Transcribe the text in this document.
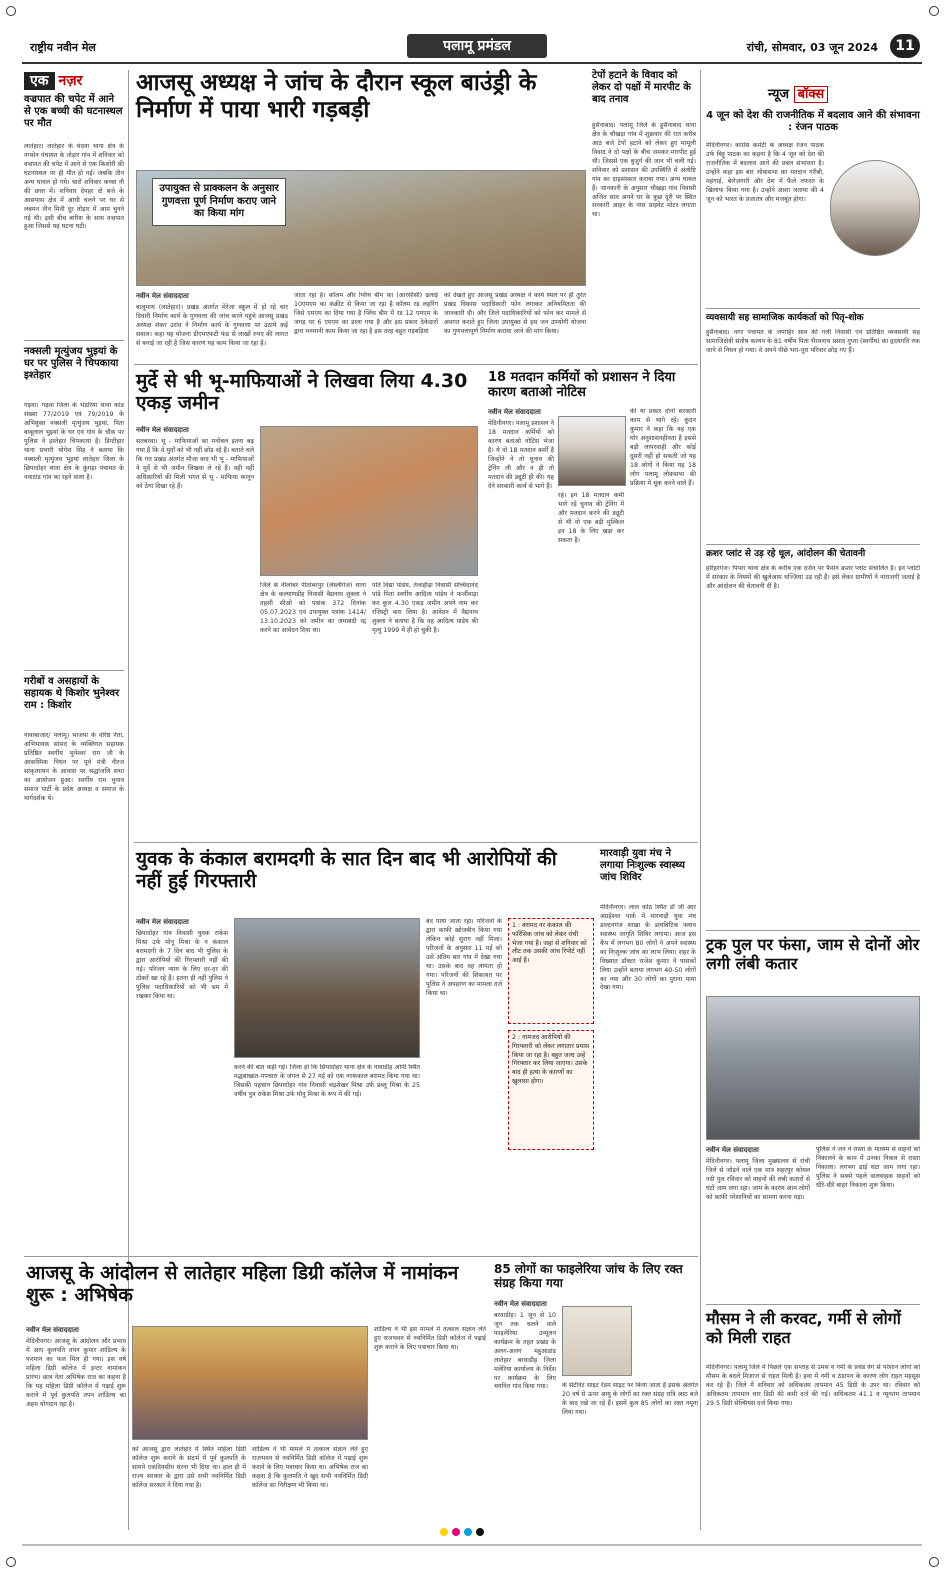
राष्ट्रीय नवीन मेल	पलामू प्रमंडल	रांची, सोमवार, 03 जून 2024	11
एक नज़र
वज्रपात की चपेट में आने से एक बच्ची की घटनास्थल पर मौत
लातेहार। लातेहार के चंदवा थाना क्षेत्र के नगसेन पंचायत के तोड़ार गांव में शनिवार को वज्रपात की चपेट में आने से एक किशोरी की घटनास्थल पर ही मौत हो गई। जबकि तीन अन्य घायल हो गये। चारों शनिवार कच्चा नौ की छत्ता में। शनिवार देपहर दो बजे के आसपास क्षेत्र में आंधी चलने पर घर से लबमन तीन मिनी दूर तोड़ार में आम चुनने गई थी। इसी बीच बारिश के साथ वज्रपात हुआ जिससे यह घटना घटी।
नक्सली मृत्युंजय भुइयां के घर पर पुलिस ने चिपकाया इश्तेहार
गढ़वा। गढ़वा जिला के भंडरिया थाना कांड संख्या 77/2019 एवं 79/2019 के अभियुक्त नक्सली मृत्युंजय भुइयां, पिता बाबूलाल भुइयां के घर एवं गांव के चौक पर पुलिस ने इश्तेहार चिपकाया है। डिप्टीहार थाना प्रभारी योगेश सिंह ने बताया कि नक्सली मृत्युंजय भुइयां लातेहार जिला के छिपादोहर थाना क्षेत्र के कुंगड़ा पंचायत के नवाटांड गांव का रहने वाला है।
गरीबों व असहायों के सहायक थे किशोर भुनेश्वर राम : किशोर
नावाबाजार/ पलामू। भाजपा के वरिष्ठ नेता, अभिभावक सांसद के व्यक्तिगत सहायक प्रतिष्ठित स्वर्गीय भुनेश्वर राम जी के आकस्मिक निधन पर पूर्व मंत्री नीरज सांकृत्यायन के आवास पर श्रद्धांजलि सभा का आयोजन हुआ। स्वर्गीय राम चुनाव समाज पार्टी के प्रदेश अध्यक्ष व समाज के मार्गदर्शक थे।
आजसू अध्यक्ष ने जांच के दौरान स्कूल बाउंड्री के निर्माण में पाया भारी गड़बड़ी
उपायुक्त से प्राक्कलन के अनुसार गुणवत्ता पूर्ण निर्माण कराए जाने का किया मांग
नवीन मेल संवाददाता
बालूमाथ (लातेहार)। प्रखंड अंतर्गत मेरेजा स्कूल में हो रहे चार दिवारी निर्माण कार्य के गुणवत्ता की जांच करने पहुंचे आजसू प्रखंड अध्यक्ष शंकर उरांव ने निर्माण कार्य के गुणवत्ता पर उठाये कई सवाल। कहा यह योजना डीएमएफटी फंड से लाखों रुपए की लागत से बनाई जा रही है जिस कारण यह काम किया जा रहा है।
जाता रहा है। कॉलम और प्लिंथ बीम का (आरसीसी) ढलाई 10एमएम का कंक्रीट से किया जा रहा है कॉलम रड लहरिंग जिसे एमएम का दिया गया है प्लिंथ बीम में रड 12 एमएम के जगह पर 6 एमएम का डाला गया है और इस प्रकार ठेकेदारों द्वारा मनमानी काम किया जा रहा है इस तरह बहुत गड़बड़ियां
को देखते हुए आजसू प्रखंड अध्यक्ष ने कार्य स्थल पर ही तुरंत प्रखंड विकास पदाधिकारी फोन लगाकर अनियमितता की जानकारी दी। और जिले पदाधिकारियों को फोन कर मामले से अवगत कराते हुए जिला उपायुक्त से इस जन उपयोगी योजना का गुणवत्तापूर्ण निर्माण कराया जाने की मांग किया।
टेपों हटाने के विवाद को लेकर दो पक्षों में मारपीट के बाद तनाव
हुसैनाबाद। पलामू जिले के हुसैनाबाद थाना क्षेत्र के चौखड़ा गांव में शुक्रवार की रात करीब आठ बजे टेपों हटाने को लेकर हुए मामूली विवाद ने दो पक्षों के बीच जमकर मारपीट हुई थी। जिससे एक बुजुर्ग की जान भी चली गई। शनिवार को प्रशासन की उपस्थिति में अंत्येष्टि गांव का दाहसंस्कार कराया गया। अन्य घायल हैं। जानकारी के अनुसार चौखड़ा गांव निवासी अजित साव अपने घर के कुछ दूरी पर स्थित सरकारी आहर के पास प्राइवेट मोटर लगाता था।
मुर्दे से भी भू-माफियाओं ने लिखवा लिया 4.30 एकड़ जमीन
नवीन मेल संवाददाता
सतबरवा। भू - माफियाओं का मनोबल इतना बढ़ गया है कि वे मुर्दों को भी नहीं छोड़ रहे हैं। बताते चले कि गत प्रखंड अंतर्गत मौजा बाद भी भू - माफियाओं ने मुर्दे से भी जमीन लिखवा ले रहे हैं। वही नहीं अधिकारियों की मिली भगत से भू - माफिया कानून को ठेंगा दिखा रहे हैं।
जिले के नीलांबर पीतांबरपुर (लेस्लीगंज) थाना क्षेत्र के कल्याणडीह निवासी वैद्यनाथ शुक्ला ने तहसी सीओ को पत्रांक 372 दिनांक 05.07.2023 एवं उपायुक्त पत्रांक 1414/ 13.10.2023 को जमीन का जमाबंदी रद्द करने का आवेदन दिया था।
पति विद्या पांडेय, तेलाहीड़ा निवासी सच्चिदानंद पांडे पिता स्वर्गीय आदित्य पांडेय ने फर्जीवाड़ा कर कुल 4.30 एकड़ जमीन अपने नाम कर रजिस्ट्री करा लिया है। आवेदन में वैद्यनाथ शुक्ला ने बताया है कि वह आदित्य पांडेय की मृत्यु 1999 में ही हो चुकी है।
18 मतदान कर्मियों को प्रशासन ने दिया कारण बताओ नोटिस
नवीन मेल संवाददाता
मेदिनीनगर। पलामू प्रशासन ने 18 मतदान कर्मियों को कारण बताओ नोटिस भेजा है। ये वो 18 मतदान कर्मी हैं जिन्होंने ने तो चुनाव की ट्रेनिंग ली और न ही तो मतदान की ड्यूटी ही की। यह देने सरकारी कार्य से भागे हैं।
रहे। इन 18 मतदान कर्मी भागे रहे चुनाव की ट्रेनिंग में और मतदान करने की ड्यूटी से भी वो एक बड़ी मुश्किल इन 18 के लिए खड़ा कर सकता है।
की या प्रकार दोनों सरकारी काम से भागे रहे। कुंदन कुमार ने कहा कि यह एक घोर अनुशासनहीनता है इससे बड़ी लापरवाही और कोई दूसरी नहीं हो सकती जो यह 18 लोगों ने किया यह 18 लोग पलामू लोकसभा की प्रक्रिया में चूक करने वाले हैं।
युवक के कंकाल बरामदगी के सात दिन बाद भी आरोपियों की नहीं हुई गिरफ्तारी
नवीन मेल संवाददाता
छिपादोहर गांव निवासी युवक राकेश मिश्रा उर्फ मोनू मिश्रा के न कंकाल बरामदगी के 7 दिन बाद भी पुलिस के द्वारा आरोपियों की गिरफ्तारी नहीं की गई। परिजन न्याय के लिए दर-दर की ठोकरें खा रहे हैं। इतना ही नहीं पुलिस ने पुलिस पदाधिकारियों को भी भ्रम में रखकर किया था।
करने की बात कही गई। जिला हो कि छिपादोहर थाना क्षेत्र के नावाडीह ओपी स्थित मद्धबाखात-पपचारा के जंगल से 27 मई को एक नरकंकाल बरामद किया गया था। जिसकी पहचान छिपादोहर गांव निवासी चंद्रशेखर मिश्रा उर्फ डब्लू मिश्रा के 25 वर्षीय पुत्र राकेश मिश्रा उर्फ मोनू मिश्रा के रूप में की गई।
बंद पाया जाता रहा। परिजनों के द्वारा काफी खोजबीन किया गया लेकिन कोई सुराग नहीं मिला। परिजनों के अनुसार 11 मई को उसे अंतिम बार गांव में देखा गया था। उसके बाद वह लापता हो गया। परिजनों की शिकायत पर पुलिस ने अपहरण का मामला दर्ज किया था।
1 : बरामद नर कंकाल की फॉरेंसिक जांच को लेकर रांची भेजा गया है। जहां से शनिवार को लौट तक उसकी जांच रिपोर्ट नहीं आई है।
2 : नामजद आरोपियों की गिरफ्तारी को लेकर लगातार प्रयास किया जा रहा है। बहुत जल्द उन्हें गिरफ्तार कर लिया जाएगा। उसके बाद ही हत्या के कारणों का खुलासा होगा।
मारवाड़ी युवा मंच ने लगाया निःशुल्क स्वास्थ्य जांच शिविर
मेदिनीनगर। लाल कोठ स्थित डॉ जी आर अग्रहेश्वर पार्क में मारवाड़ी युवा मंच डाल्टनगंज शाखा के डायबिटिक फ्लाव स्वास्थ्य जागृति शिविर लगाया। आज इस कैंप में लगभग 80 लोगों ने अपने स्वास्थ्य का निःशुल्क जांच का लाभ लिया। शहर के विख्यात डॉक्टर राजेश कुमार ने पासकों लिया उन्होंने बताया लगभग 40-50 लोगों का नया और 30 लोगों का पुराना पाया देखा गया।
आजसू के आंदोलन से लातेहार महिला डिग्री कॉलेज में नामांकन शुरू : अभिषेक
नवीन मेल संवाददाता
मेदिनीनगर। आजसू के आंदोलन और प्रभाव में आए कुलपति तपन कुमार शांडिल्य के फरमान का फल मिल ही गया। इस वर्ष महिला डिग्री कॉलेज में इन्टर नामांकन प्रारंभ। छात्र नेता अभिषेक राज का कहना है कि यह महिला डिग्री कॉलेज में पढ़ाई शुरू कराने में पूर्व कुलपति तपन शांडिल्य का अहम योगदान रहा है।
को आजसू द्वारा लातेहार में स्थित महिला डिग्री कॉलेज शुरू कराने के संदर्भ में पूर्व कुलपति के सामने एकदिवसीय धरना भी दिया था। हाल ही में राज्य सरकार के द्वारा उसे सभी नवनिर्मित डिग्री कॉलेज सरकार ने दिया गया है।
शांडिल्य ने भी मामले में तत्काल संज्ञान लेते हुए राजभवन से नवनिर्मित डिग्री कॉलेज में पढ़ाई शुरू कराने के लिए पत्राचार किया था। अभिषेक राज का कहना है कि कुलपति ने खुद सभी नवनिर्मित डिग्री कॉलेज का निरीक्षण भी किया था।
शांडिल्य ने भी इस मामले में तत्काल संज्ञान लेते हुए राजभवन से नवनिर्मित डिग्री कॉलेज में पढ़ाई शुरू कराने के लिए पत्राचार किया था।
85 लोगों का फाइलेरिया जांच के लिए रक्त संग्रह किया गया
नवीन मेल संवाददाता
बरवाडीह। 1 जून से 10 जून तक चलने वाले फाइलेरिया उन्मूलन कार्यक्रम के तहत प्रखंड के अलग-अलग महुआडांड़ लातेहार बरवाडीह जिला मलेरिया कार्यालय के निर्देश पर कार्यक्रम के लिए चयनित गांव किया गया।	के सेंटीनेट साइट रेंडम साइट पर किया जाता है इसके अंतर्गत 20 वर्ष से ऊपर आयु के लोगों का रक्त संग्रह रात्रि आठ बजे के बाद रखे जा रहे हैं। इसमें कुल 85 लोगों का रक्त नमूना लिया गया।
न्यूज बॉक्स
4 जून को देश की राजनीतिक में बदलाव आने की संभावना : रंजन पाठक
मेदिनीनगर। कांग्रेस कमेटी के अध्यक्ष रंजन पाठक उर्फ बिट्टू पाठक का कहना है कि 4 जून को देश की राजनीतिक में बदलाव आने की प्रबल संभावना है। उन्होंने कहा इस बार लोकसभा का मतदान गरीबी, महंगाई, बेरोजगारी और देश में फैले नफरत के खिलाफ किया गया है। उन्होंने आशा जताया की 4 जून को भारत के प्रजातंत्र और मजबूत होगा।
व्यवसायी सह सामाजिक कार्यकर्ता को पितृ-शोक
हुसैनाबाद। नगर पंचायत के जपाहिर साव की गली निवासी एवं प्रतिष्ठित व्यवसायी सह सामाजिक्षेत्री संतोष कश्यप के 81 वर्षीय पिता भैरवनाथ प्रसाद गुप्ता (स्वर्गीय) का हृदयगति रुक जाने से निधन हो गया। वे अपने पीछे भरा-पूरा परिवार छोड़ गए हैं।
क्रशर प्लांट से उड़ रहे धूल, आंदोलन की चेतावनी
हरिहरगंज। पिपरा थाना क्षेत्र के करीब एक दर्जन पर फैसेन क्रशर प्लांट संचालित है। इन प्लांटों में सरकार के नियमों की खुलेआम धज्जियां उड़ रही हैं। इसे लेकर ग्रामीणों ने नाराजगी जताई है और आंदोलन की चेतावनी दी है।
ट्रक पुल पर फंसा, जाम से दोनों ओर लगी लंबी कतार
नवीन मेल संवाददाता
मेदिनीनगर। पलामू जिला मुख्यालय से रांची जिले से जोड़ने वाले एक मात्र शहरपुर कोयल नदी पुल रविवार को वाहनों की लंबी कतारों से घंटों जाम लगा रहा। जाम के कारण आम लोगों को काफी परेशानियों का सामना करना पड़ा।
पुलिस ने जन ने रास्ता के माध्यम से वाहनों को निकालने के काम में उनका निकल से रास्ता निकाला। लगभग ढाई घंटा जाम लगा रहा। पुलिस ने सबसे पहले वालवाहक वाहनों को धीरे-धीरे बाहर निकाला शुरू किया।
मौसम ने ली करवट, गर्मी से लोगों को मिली राहत
मेदिनीनगर। पलामू जिले में पिछले एक सप्ताह से उमस व गर्मी के प्रचंड वेग से परेशान लोगों को मौसम के बदले मिजाज से राहत मिली है। हवा में नमी व ठंडापन के कारण लोग राहत महसूस कर रहे हैं। जिले में शनिवार को अधिकतम तापमान 45 डिग्री के उपर था। रविवार को अधिकतम तापमान चार डिग्री की कमी दर्ज की गई। अधिकतम 41.1 व न्यूनतम तापमान 29.5 डिग्री सेल्सियस दर्ज किया गया।
